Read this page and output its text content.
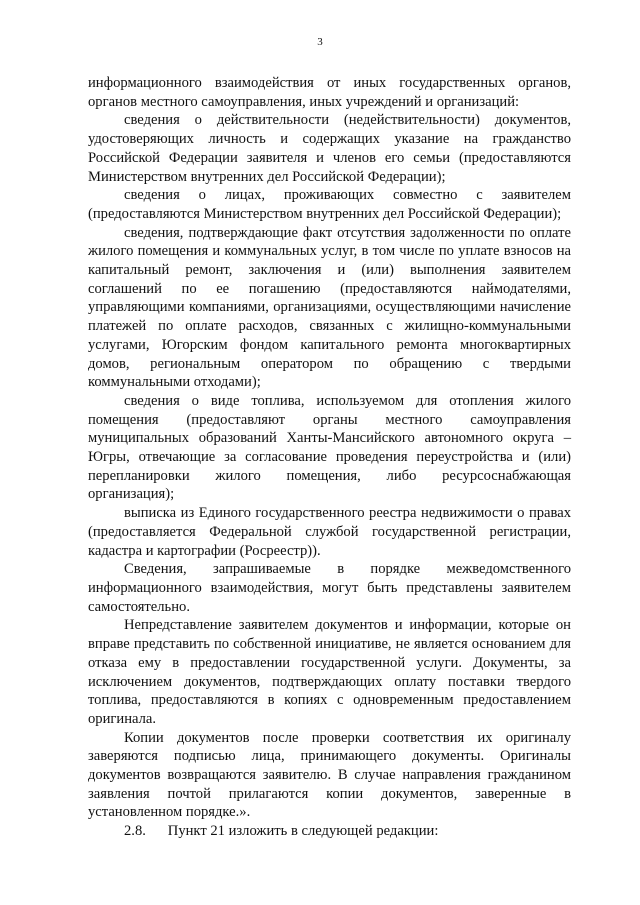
3

информационного взаимодействия от иных государственных органов, органов местного самоуправления, иных учреждений и организаций:

сведения о действительности (недействительности) документов, удостоверяющих личность и содержащих указание на гражданство Российской Федерации заявителя и членов его семьи (предоставляются Министерством внутренних дел Российской Федерации);

сведения о лицах, проживающих совместно с заявителем (предоставляются Министерством внутренних дел Российской Федерации);

сведения, подтверждающие факт отсутствия задолженности по оплате жилого помещения и коммунальных услуг, в том числе по уплате взносов на капитальный ремонт, заключения и (или) выполнения заявителем соглашений по ее погашению (предоставляются наймодателями, управляющими компаниями, организациями, осуществляющими начисление платежей по оплате расходов, связанных с жилищно-коммунальными услугами, Югорским фондом капитального ремонта многоквартирных домов, региональным оператором по обращению с твердыми коммунальными отходами);

сведения о виде топлива, используемом для отопления жилого помещения (предоставляют органы местного самоуправления муниципальных образований Ханты-Мансийского автономного округа – Югры, отвечающие за согласование проведения переустройства и (или) перепланировки жилого помещения, либо ресурсоснабжающая организация);

выписка из Единого государственного реестра недвижимости о правах (предоставляется Федеральной службой государственной регистрации, кадастра и картографии (Росреестр)).

Сведения, запрашиваемые в порядке межведомственного информационного взаимодействия, могут быть представлены заявителем самостоятельно.

Непредставление заявителем документов и информации, которые он вправе представить по собственной инициативе, не является основанием для отказа ему в предоставлении государственной услуги. Документы, за исключением документов, подтверждающих оплату поставки твердого топлива, предоставляются в копиях с одновременным предоставлением оригинала.

Копии документов после проверки соответствия их оригиналу заверяются подписью лица, принимающего документы. Оригиналы документов возвращаются заявителю. В случае направления гражданином заявления почтой прилагаются копии документов, заверенные в установленном порядке.».

2.8.  Пункт 21 изложить в следующей редакции:
